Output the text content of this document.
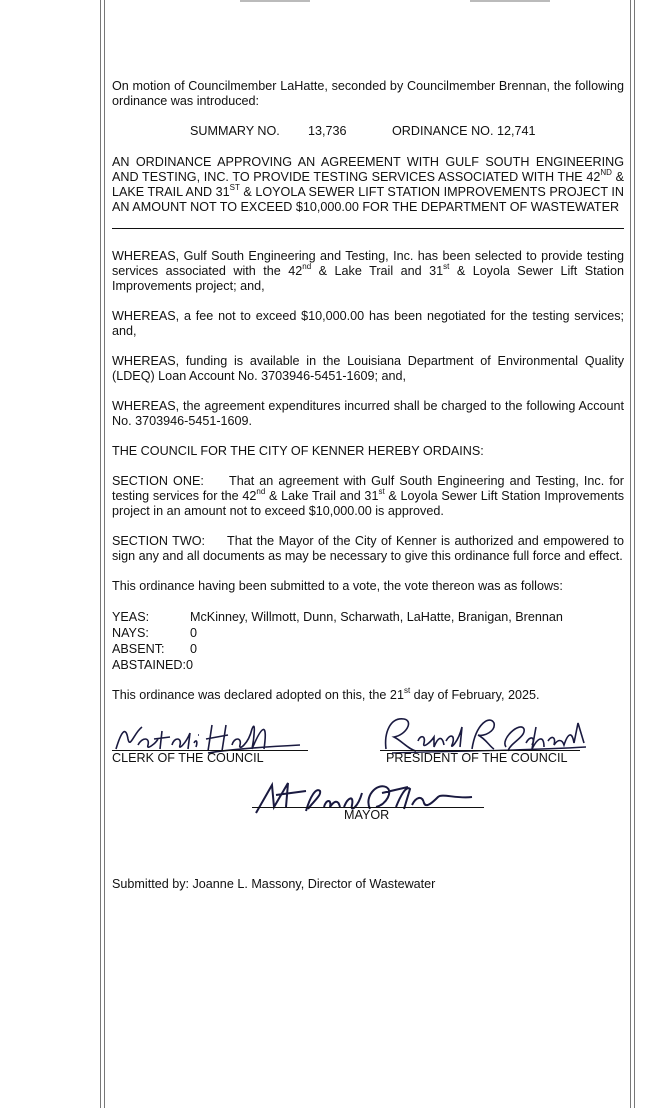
On motion of Councilmember LaHatte, seconded by Councilmember Brennan, the following ordinance was introduced:

SUMMARY NO.	13,736	ORDINANCE NO. 12,741

AN ORDINANCE APPROVING AN AGREEMENT WITH GULF SOUTH ENGINEERING AND TESTING, INC. TO PROVIDE TESTING SERVICES ASSOCIATED WITH THE 42ND & LAKE TRAIL AND 31ST & LOYOLA SEWER LIFT STATION IMPROVEMENTS PROJECT IN AN AMOUNT NOT TO EXCEED $10,000.00 FOR THE DEPARTMENT OF WASTEWATER

WHEREAS, Gulf South Engineering and Testing, Inc. has been selected to provide testing services associated with the 42nd & Lake Trail and 31st & Loyola Sewer Lift Station Improvements project; and,

WHEREAS, a fee not to exceed $10,000.00 has been negotiated for the testing services; and,

WHEREAS, funding is available in the Louisiana Department of Environmental Quality (LDEQ) Loan Account No. 3703946-5451-1609; and,

WHEREAS, the agreement expenditures incurred shall be charged to the following Account No. 3703946-5451-1609.

THE COUNCIL FOR THE CITY OF KENNER HEREBY ORDAINS:

SECTION ONE:     That an agreement with Gulf South Engineering and Testing, Inc. for testing services for the 42nd & Lake Trail and 31st & Loyola Sewer Lift Station Improvements project in an amount not to exceed $10,000.00 is approved.

SECTION TWO:     That the Mayor of the City of Kenner is authorized and empowered to sign any and all documents as may be necessary to give this ordinance full force and effect.

This ordinance having been submitted to a vote, the vote thereon was as follows:

YEAS:	McKinney, Willmott, Dunn, Scharwath, LaHatte, Branigan, Brennan
NAYS:	0
ABSENT:	0
ABSTAINED: 0

This ordinance was declared adopted on this, the 21st day of February, 2025.

CLERK OF THE COUNCIL	PRESIDENT OF THE COUNCIL
MAYOR

Submitted by: Joanne L. Massony, Director of Wastewater
